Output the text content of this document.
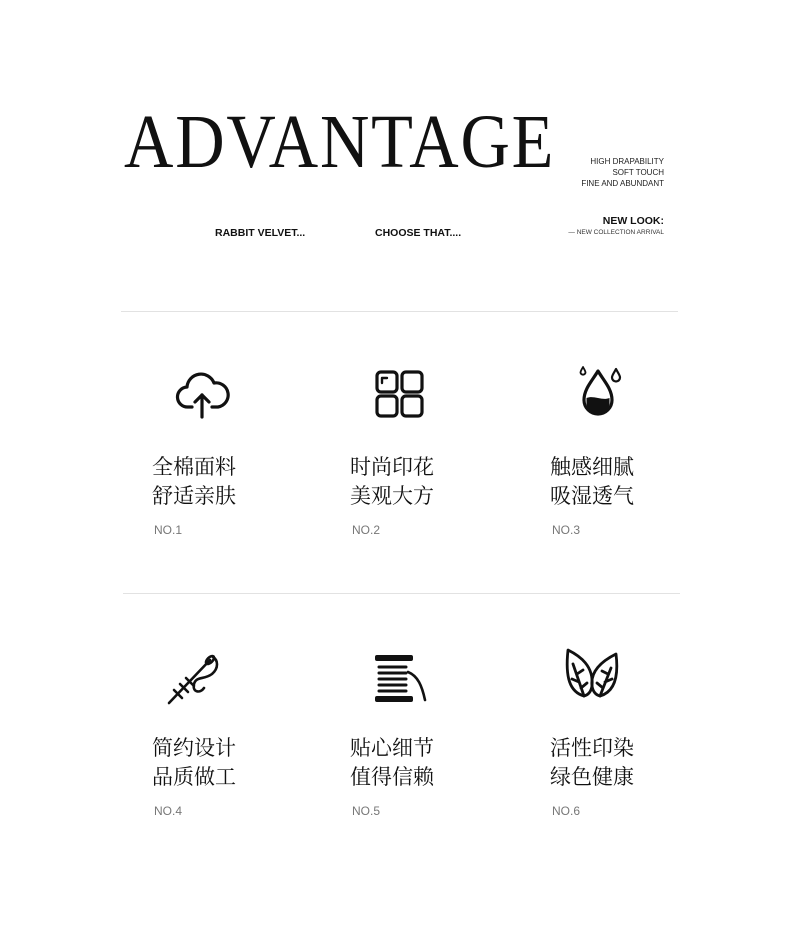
ADVANTAGE	HIGH DRAPABILITY
SOFT TOUCH
FINE AND ABUNDANT
RABBIT VELVET...	CHOOSE THAT....
NEW LOOK:
— NEW COLLECTION ARRIVAL
全棉面料
舒适亲肤
NO.1
时尚印花
美观大方
NO.2
触感细腻
吸湿透气
NO.3
简约设计
品质做工
NO.4
贴心细节
值得信赖
NO.5
活性印染
绿色健康
NO.6
